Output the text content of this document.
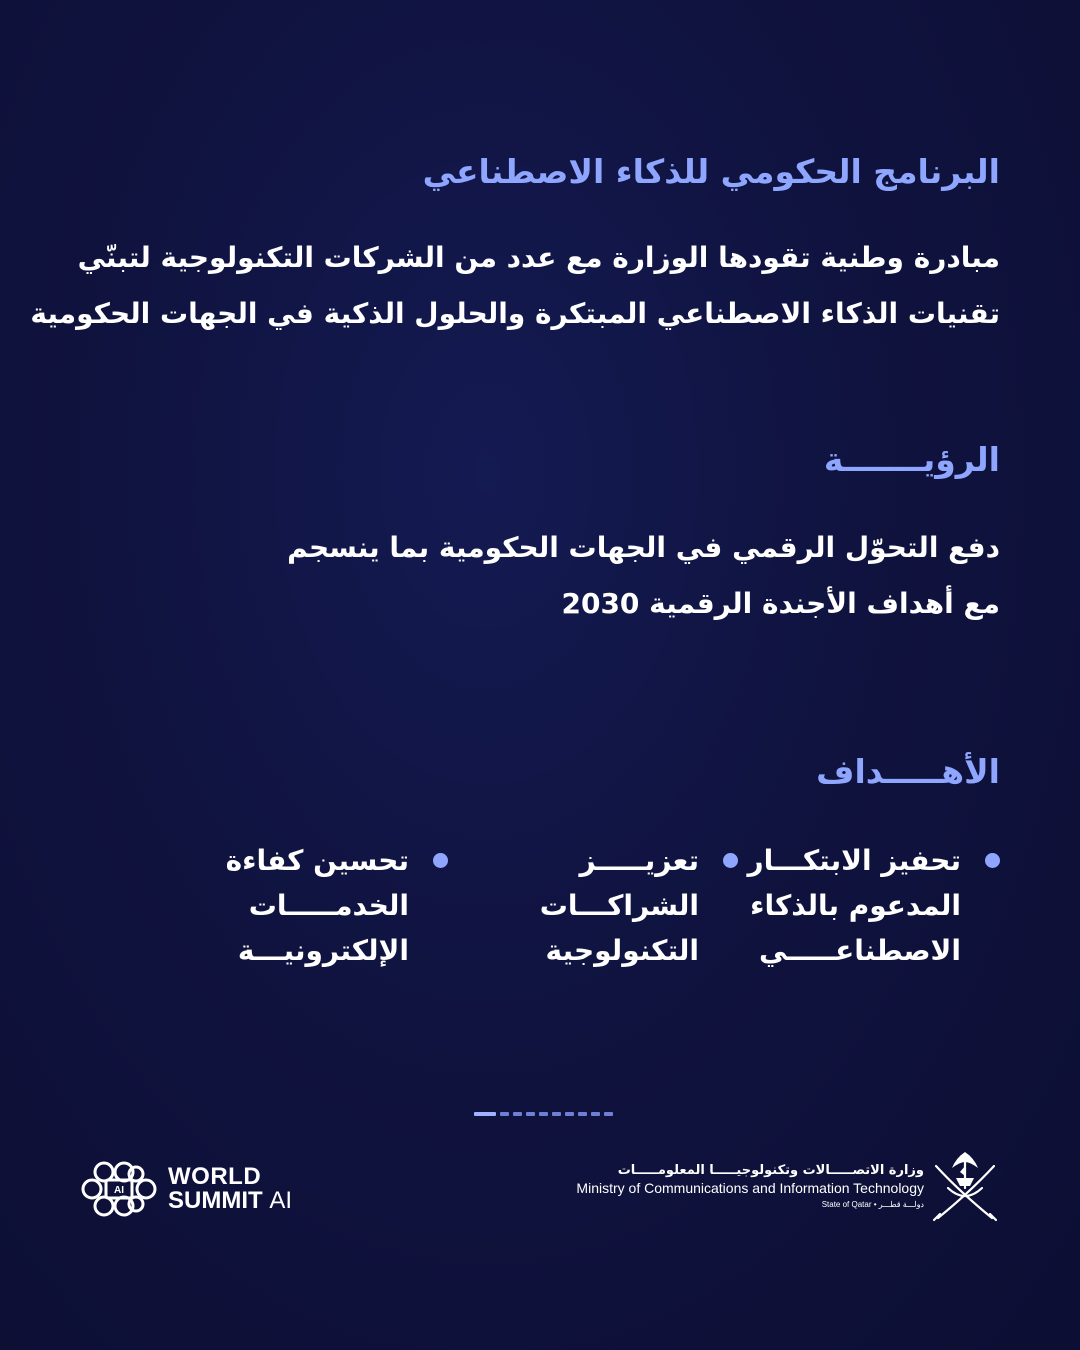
البرنامج الحكومي للذكاء الاصطناعي

مبادرة وطنية تقودها الوزارة مع عدد من الشركات التكنولوجية لتبنّي
تقنيات الذكاء الاصطناعي المبتكرة والحلول الذكية في الجهات الحكومية

الرؤيـــــــة

دفع التحوّل الرقمي في الجهات الحكومية بما ينسجم
مع أهداف الأجندة الرقمية 2030

الأهـــــداف
تحفيز الابتكـــار
المدعوم بالذكاء
الاصطناعـــــي
تعزيـــــز
الشراكـــات
التكنولوجية
تحسين كفاءة
الخدمـــــات
الإلكترونيـــة
AI
WORLD
SUMMIT AI
وزارة الاتصـــــالات وتكنولوجيـــــا المعلومـــــات
Ministry of Communications and Information Technology
State of Qatar • دولـــة قطـــر
